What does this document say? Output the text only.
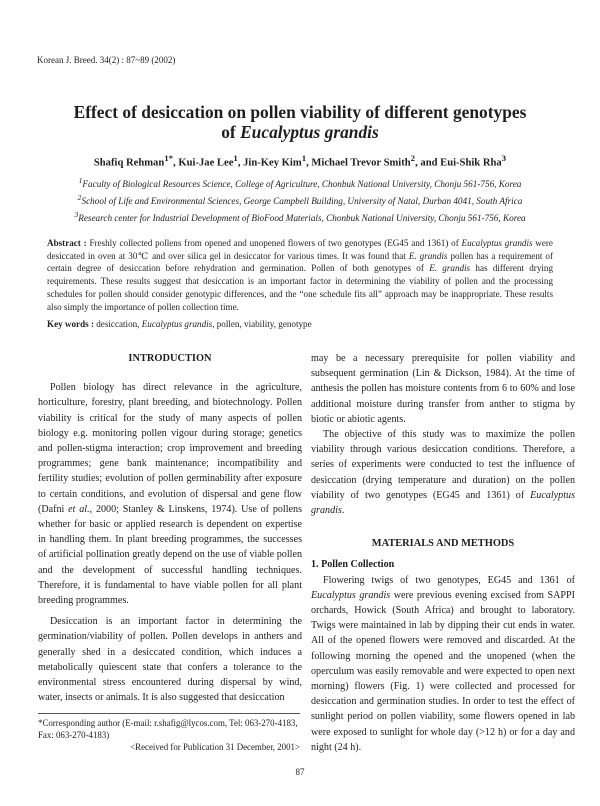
Korean J. Breed. 34(2) : 87~89 (2002)
Effect of desiccation on pollen viability of different genotypes
of Eucalyptus grandis
Shafiq Rehman$^{1*}$, Kui-Jae Lee$^1$, Jin-Key Kim$^1$, Michael Trevor Smith$^2$, and Eui-Shik Rha$^3$
$^1$Faculty of Biological Resources Science, College of Agriculture, Chonbuk National University, Chonju 561-756, Korea
$^2$School of Life and Environmental Sciences, George Campbell Building, University of Natal, Durban 4041, South Africa
$^3$Research center for Industrial Development of BioFood Materials, Chonbuk National University, Chonju 561-756, Korea
Abstract : Freshly collected pollens from opened and unopened flowers of two genotypes (EG45 and 1361) of Eucalyptus grandis were desiccated in oven at 30℃ and over silica gel in desiccator for various times. It was found that E. grandis pollen has a requirement of certain degree of desiccation before rehydration and germination. Pollen of both genotypes of E. grandis has different drying requirements. These results suggest that desiccation is an important factor in determining the viability of pollen and the processing schedules for pollen should consider genotypic differences, and the “one schedule fits all” approach may be inappropriate. These results also simply the importance of pollen collection time.
Key words : desiccation, Eucalyptus grandis, pollen, viability, genotype

INTRODUCTION

Pollen biology has direct relevance in the agriculture, horticulture, forestry, plant breeding, and biotechnology. Pollen viability is critical for the study of many aspects of pollen biology e.g. monitoring pollen vigour during storage; genetics and pollen-stigma interaction; crop improvement and breeding programmes; gene bank maintenance; incompatibility and fertility studies; evolution of pollen germinability after exposure to certain conditions, and evolution of dispersal and gene flow (Dafni et al., 2000; Stanley & Linskens, 1974). Use of pollens whether for basic or applied research is dependent on expertise in handling them. In plant breeding programmes, the successes of artificial pollination greatly depend on the use of viable pollen and the development of successful handling techniques. Therefore, it is fundamental to have viable pollen for all plant breeding programmes.

Desiccation is an important factor in determining the germination/viability of pollen. Pollen develops in anthers and generally shed in a desiccated condition, which induces a metabolically quiescent state that confers a tolerance to the environmental stress encountered during dispersal by wind, water, insects or animals. It is also suggested that desiccation

may be a necessary prerequisite for pollen viability and subsequent germination (Lin & Dickson, 1984). At the time of anthesis the pollen has moisture contents from 6 to 60% and lose additional moisture during transfer from anther to stigma by biotic or abiotic agents.

The objective of this study was to maximize the pollen viability through various desiccation conditions. Therefore, a series of experiments were conducted to test the influence of desiccation (drying temperature and duration) on the pollen viability of two genotypes (EG45 and 1361) of Eucalyptus grandis.

MATERIALS AND METHODS

1. Pollen Collection

Flowering twigs of two genotypes, EG45 and 1361 of Eucalyptus grandis were previous evening excised from SAPPI orchards, Howick (South Africa) and brought to laboratory. Twigs were maintained in lab by dipping their cut ends in water. All of the opened flowers were removed and discarded. At the following morning the opened and the unopened (when the operculum was easily removable and were expected to open next morning) flowers (Fig. 1) were collected and processed for desiccation and germination studies. In order to test the effect of sunlight period on pollen viability, some flowers opened in lab were exposed to sunlight for whole day (>12 h) or for a day and night (24 h).

*Corresponding author (E-mail: r.shafig@lycos.com, Tel: 063-270-4183, Fax: 063-270-4183)

<Received for Publication 31 December, 2001>

87
